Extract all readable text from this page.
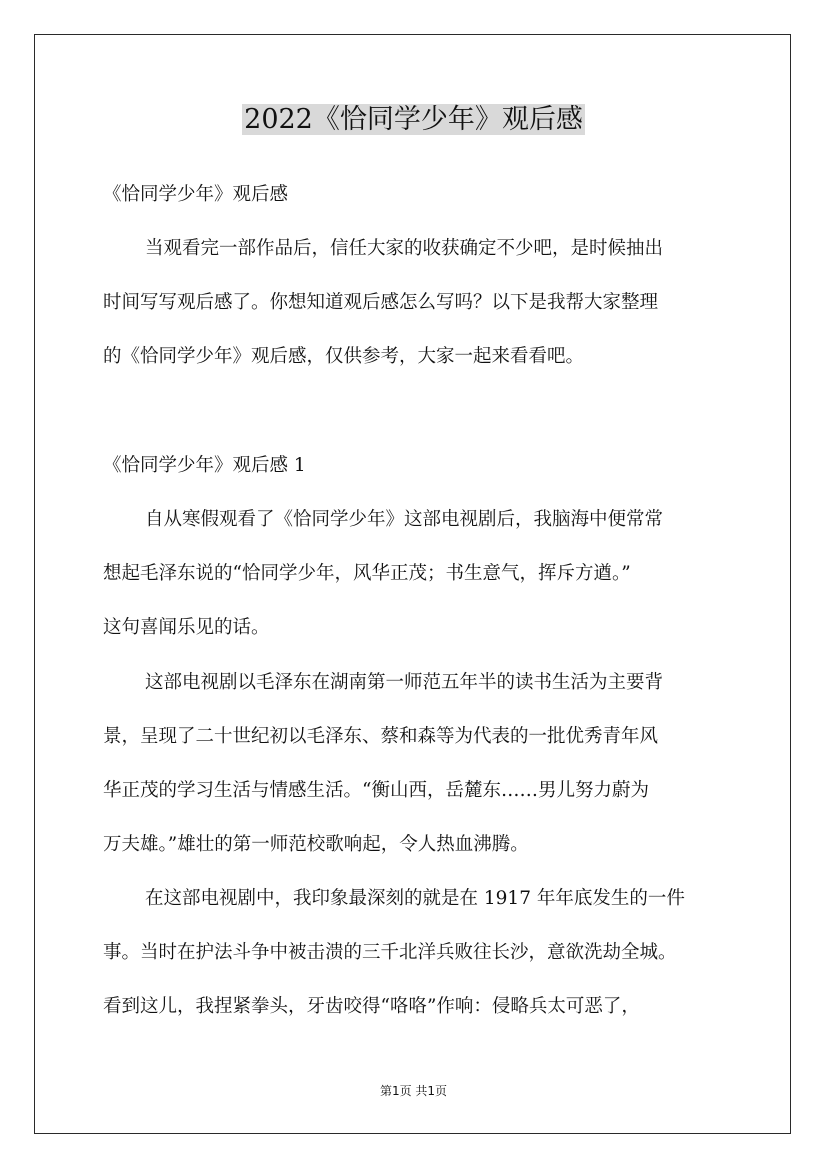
2022《恰同学少年》观后感
《恰同学少年》观后感
当观看完一部作品后，信任大家的收获确定不少吧，是时候抽出
时间写写观后感了。你想知道观后感怎么写吗？以下是我帮大家整理
的《恰同学少年》观后感，仅供参考，大家一起来看看吧。
《恰同学少年》观后感 1
自从寒假观看了《恰同学少年》这部电视剧后，我脑海中便常常
想起毛泽东说的“恰同学少年，风华正茂；书生意气，挥斥方遒。”
这句喜闻乐见的话。
这部电视剧以毛泽东在湖南第一师范五年半的读书生活为主要背
景，呈现了二十世纪初以毛泽东、蔡和森等为代表的一批优秀青年风
华正茂的学习生活与情感生活。“衡山西，岳麓东……男儿努力蔚为
万夫雄。”雄壮的第一师范校歌响起，令人热血沸腾。
在这部电视剧中，我印象最深刻的就是在 1917 年年底发生的一件
事。当时在护法斗争中被击溃的三千北洋兵败往长沙，意欲洗劫全城。
看到这儿，我捏紧拳头，牙齿咬得“咯咯”作响：侵略兵太可恶了，
第1页 共1页
